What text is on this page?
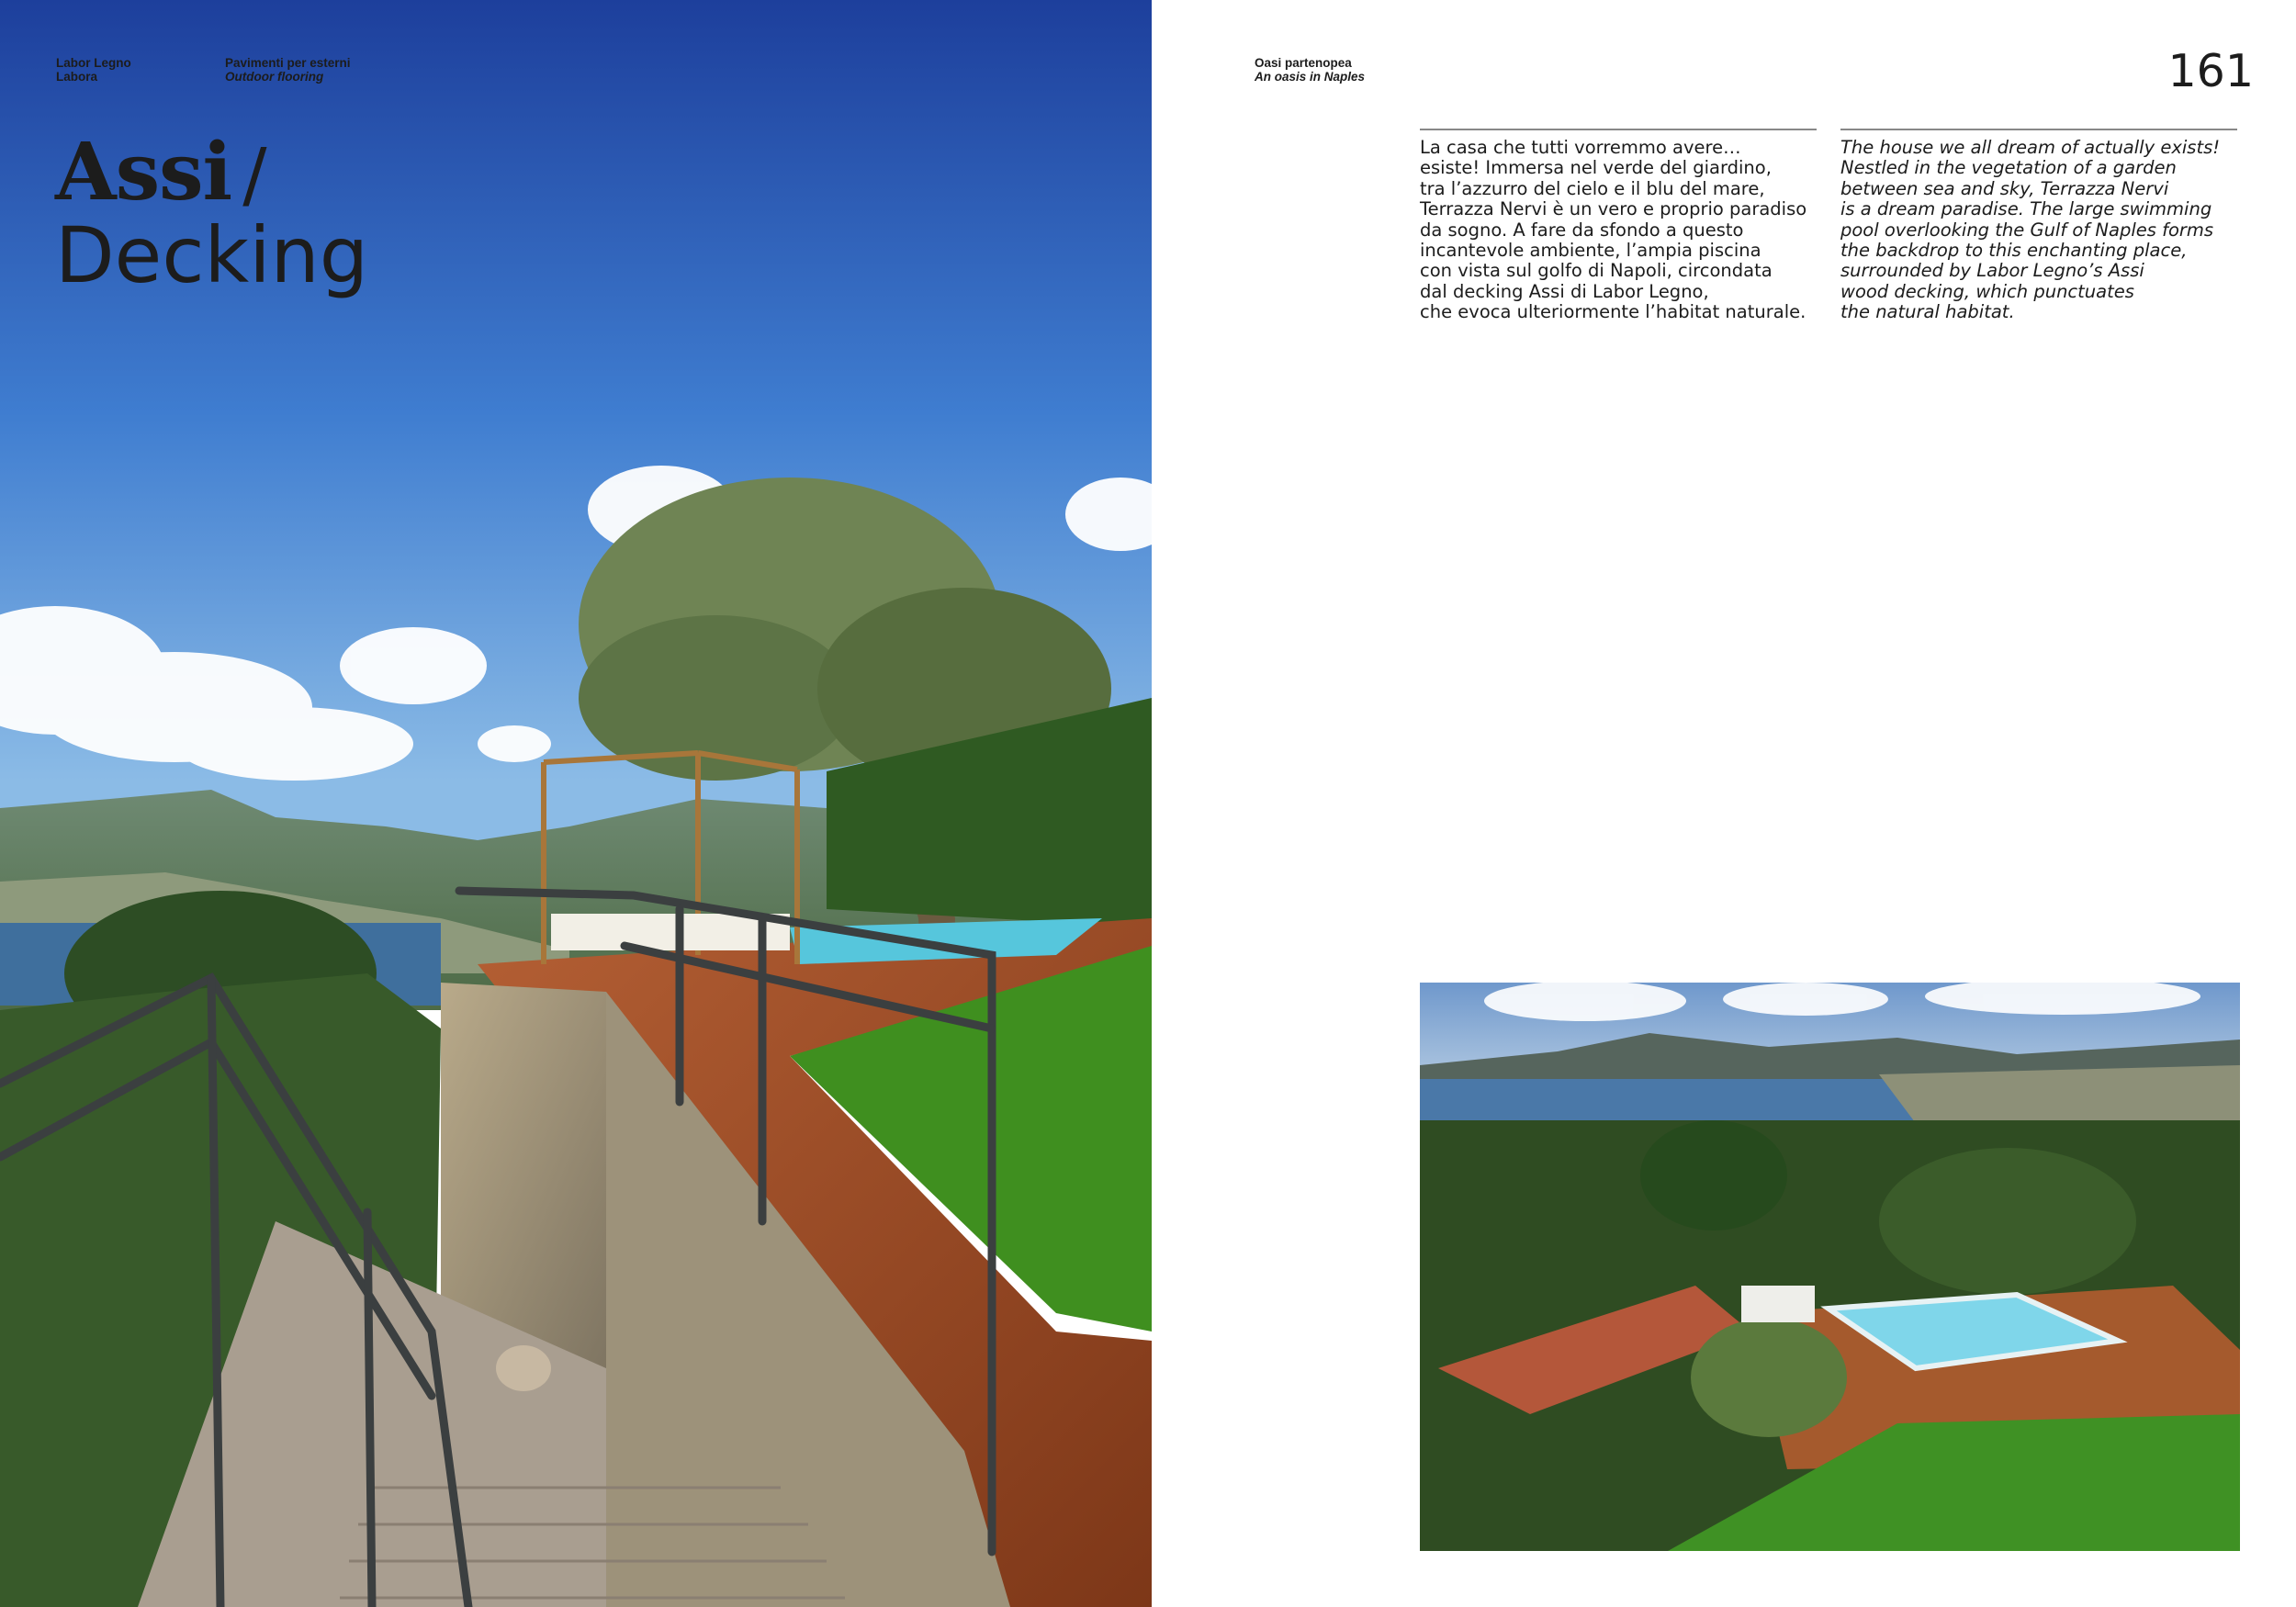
Labor Legno
Labora
Pavimenti per esterni
Outdoor flooring
Assi /
Decking
Oasi partenopea
An oasis in Naples	161

La casa che tutti vorremmo avere…
esiste! Immersa nel verde del giardino,
tra l’azzurro del cielo e il blu del mare,
Terrazza Nervi è un vero e proprio paradiso
da sogno. A fare da sfondo a questo
incantevole ambiente, l’ampia piscina
con vista sul golfo di Napoli, circondata
dal decking Assi di Labor Legno,
che evoca ulteriormente l’habitat naturale.

The house we all dream of actually exists!
Nestled in the vegetation of a garden
between sea and sky, Terrazza Nervi
is a dream paradise. The large swimming
pool overlooking the Gulf of Naples forms
the backdrop to this enchanting place,
surrounded by Labor Legno’s Assi
wood decking, which punctuates
the natural habitat.
